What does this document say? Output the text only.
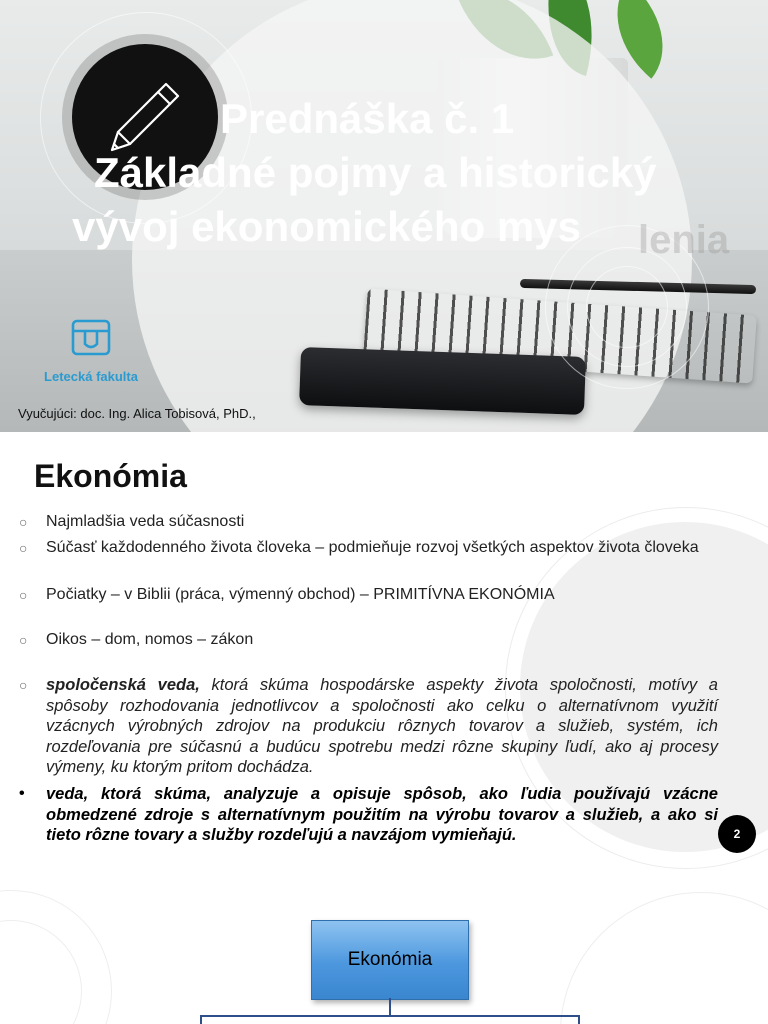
Prednáška č. 1
Základné pojmy a historický
vývoj ekonomického mys	lenia
Letecká fakulta
Vyučujúci: doc. Ing. Alica Tobisová, PhD.,
Ekonómia
○ Najmladšia veda súčasnosti
○ Súčasť každodenného života človeka – podmieňuje rozvoj všetkých aspektov života človeka
○ Počiatky – v Biblii (práca, výmenný obchod) – PRIMITÍVNA EKONÓMIA
○ Oikos – dom, nomos – zákon
○ spoločenská veda, ktorá skúma hospodárske aspekty života spoločnosti, motívy a spôsoby rozhodovania jednotlivcov a spoločnosti ako celku o alternatívnom využití vzácnych výrobných zdrojov na produkciu rôznych tovarov a služieb, systém, ich rozdeľovania pre súčasnú a budúcu spotrebu medzi rôzne skupiny ľudí, ako aj procesy výmeny, ku ktorým pritom dochádza.
• veda, ktorá skúma, analyzuje a opisuje spôsob, ako ľudia používajú vzácne obmedzené zdroje s alternatívnym použitím na výrobu tovarov a služieb, a ako si tieto rôzne tovary a služby rozdeľujú a navzájom vymieňajú.	2
Ekonómia
